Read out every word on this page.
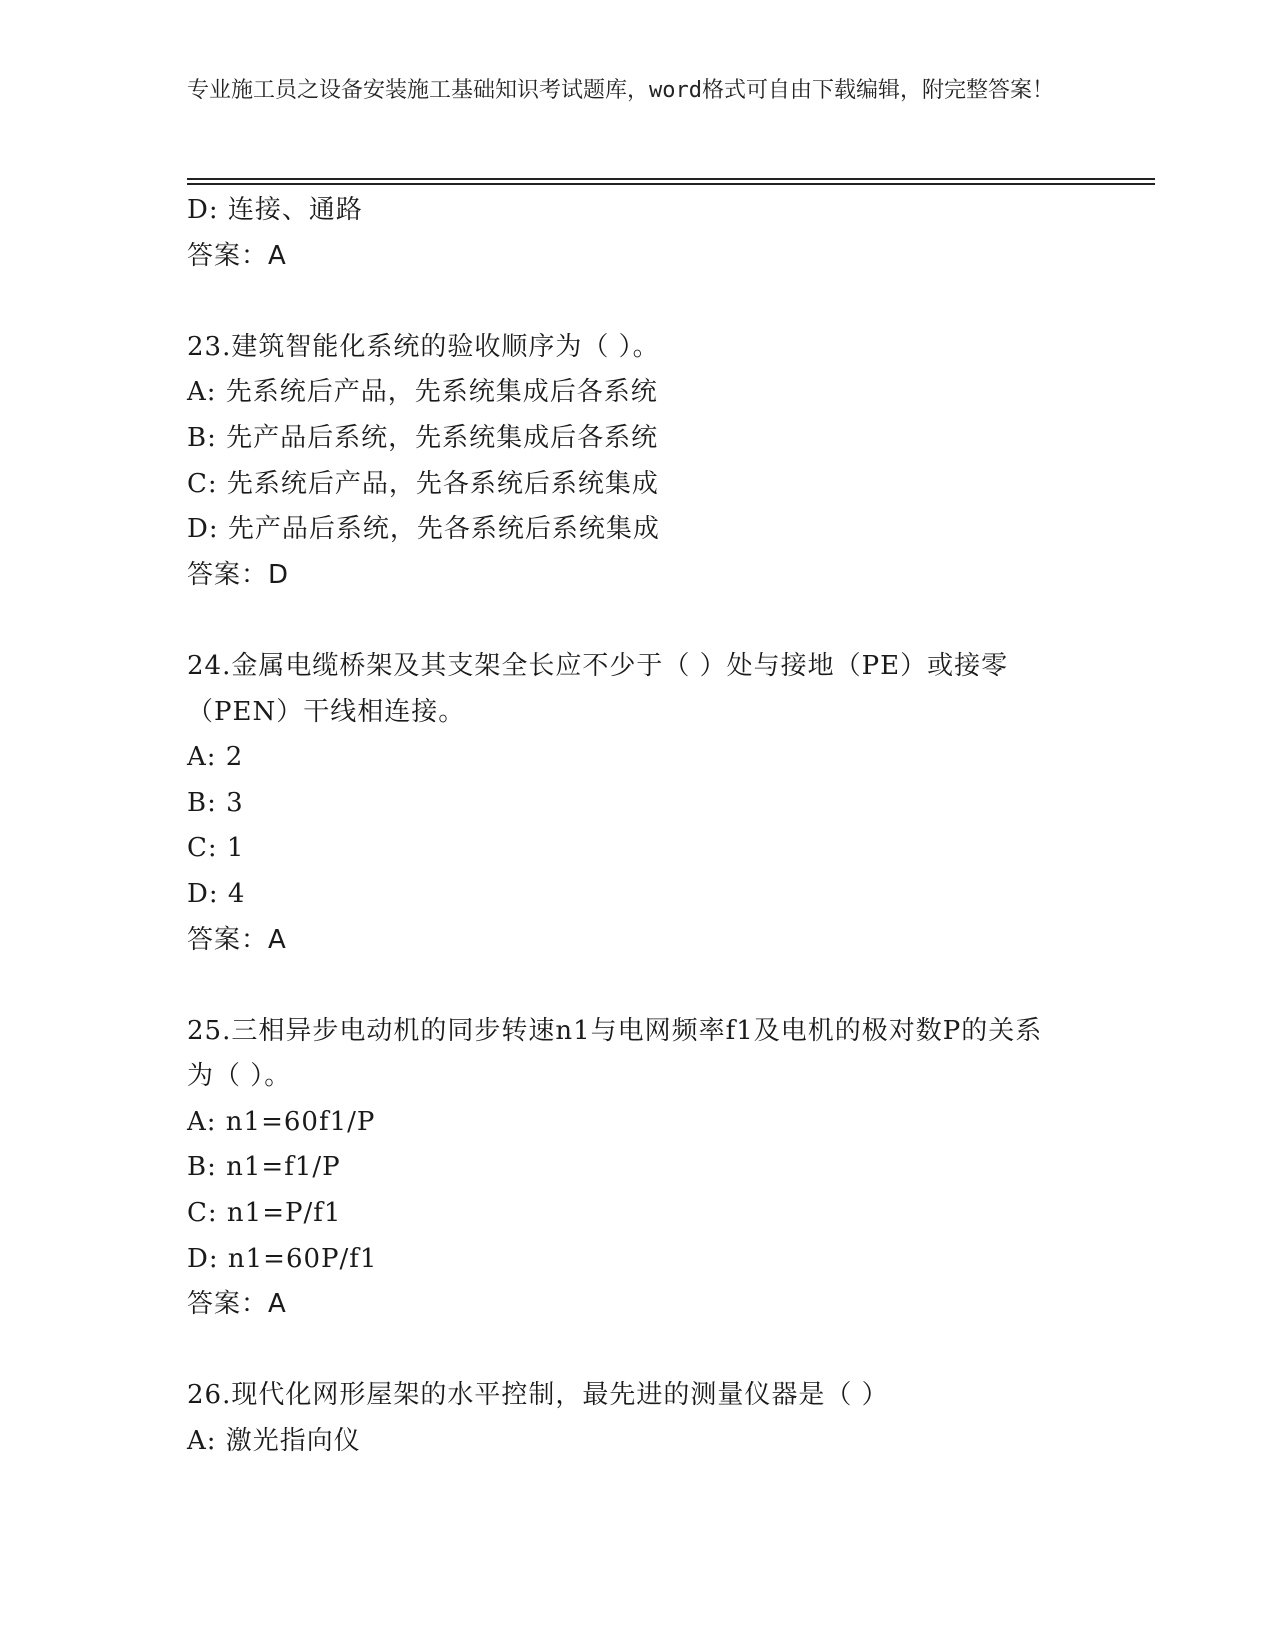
专业施工员之设备安装施工基础知识考试题库，word格式可自由下载编辑，附完整答案！
D: 连接、通路
答案：A
23.建筑智能化系统的验收顺序为（ ）。
A: 先系统后产品，先系统集成后各系统
B: 先产品后系统，先系统集成后各系统
C: 先系统后产品，先各系统后系统集成
D: 先产品后系统，先各系统后系统集成
答案：D
24.金属电缆桥架及其支架全长应不少于（ ）处与接地（PE）或接零（PEN）干线相连接。
A: 2
B: 3
C: 1
D: 4
答案：A
25.三相异步电动机的同步转速n1与电网频率f1及电机的极对数P的关系为（ ）。
A: n1=60f1/P
B: n1=f1/P
C: n1=P/f1
D: n1=60P/f1
答案：A
26.现代化网形屋架的水平控制，最先进的测量仪器是（ ）
A: 激光指向仪
